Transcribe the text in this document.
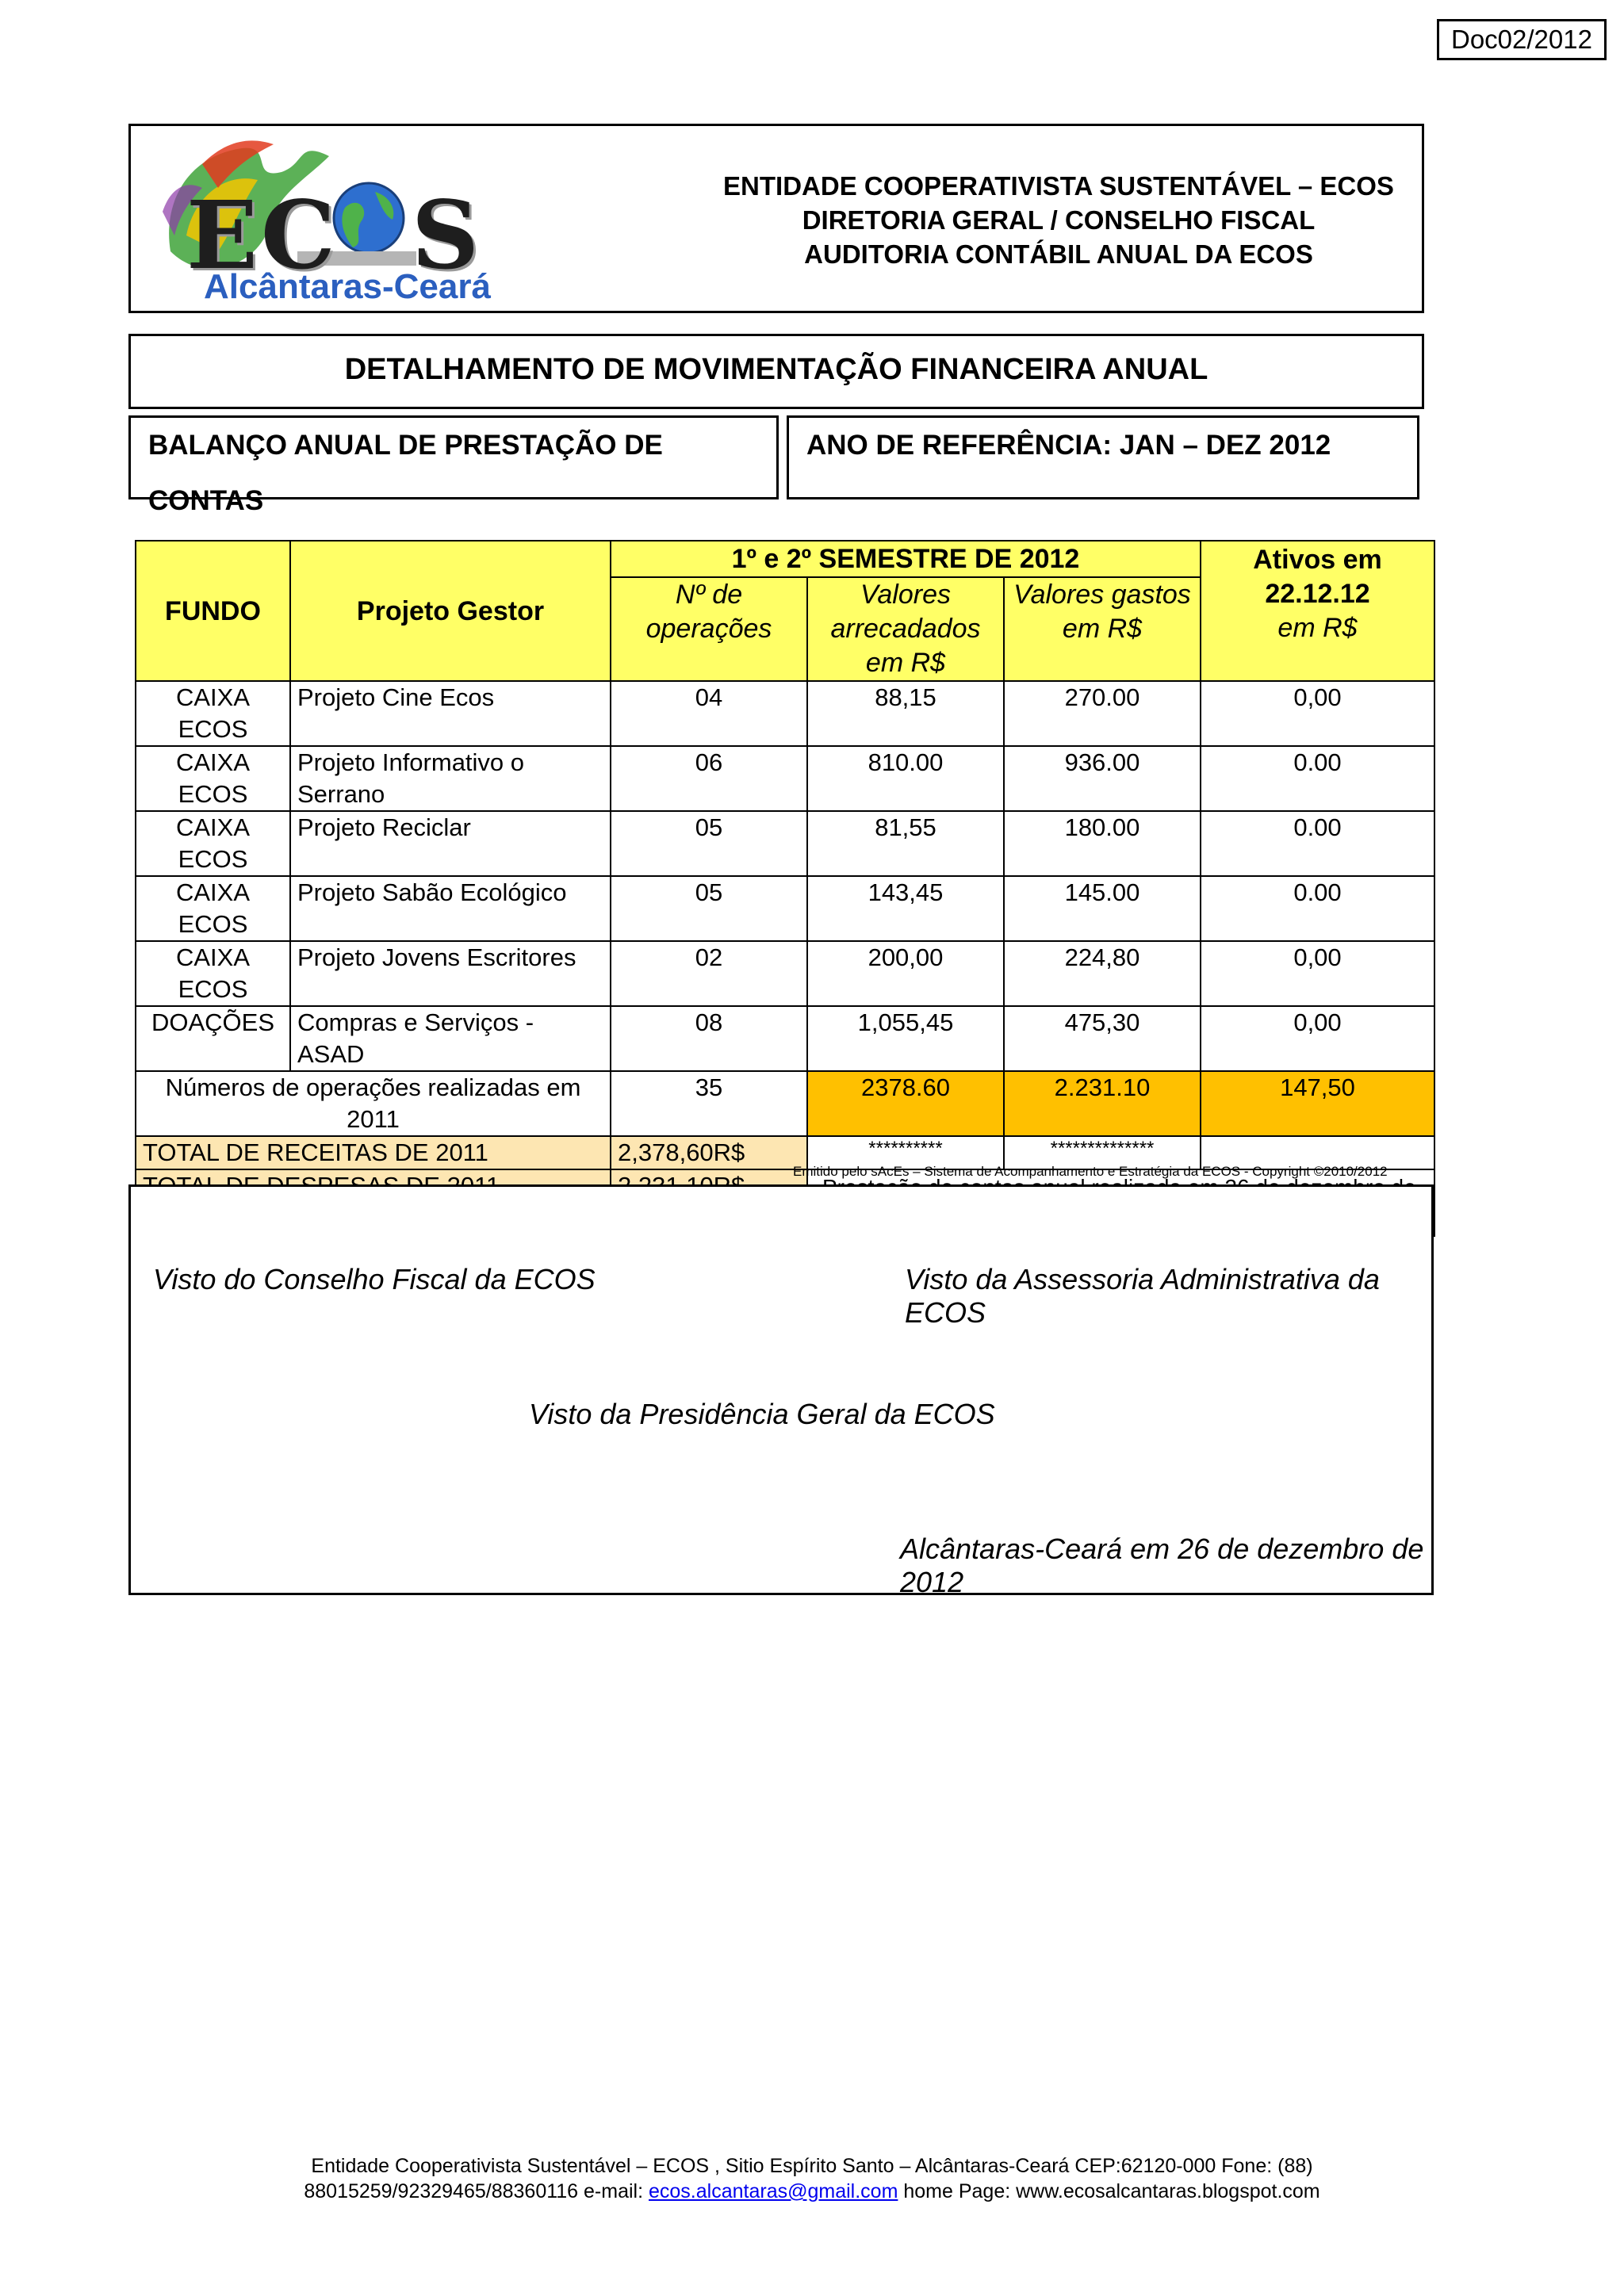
Doc02/2012
EC S
Alcântaras-Ceará
ENTIDADE COOPERATIVISTA SUSTENTÁVEL – ECOS
DIRETORIA GERAL / CONSELHO FISCAL
AUDITORIA CONTÁBIL ANUAL DA ECOS
DETALHAMENTO DE MOVIMENTAÇÃO FINANCEIRA ANUAL
BALANÇO ANUAL DE PRESTAÇÃO DE CONTAS
ANO DE REFERÊNCIA: JAN – DEZ 2012
FUNDO	Projeto Gestor	1º e 2º SEMESTRE DE 2012			Ativos em
22.12.12
em R$

		Nº de operações	Valores arrecadados em R$	Valores gastos em R$	
CAIXA ECOS	Projeto Cine Ecos	04	88,15	270.00	0,00
CAIXA ECOS	Projeto Informativo o Serrano	06	810.00	936.00	0.00
CAIXA ECOS	Projeto Reciclar	05	81,55	180.00	0.00
CAIXA ECOS	Projeto Sabão Ecológico	05	143,45	145.00	0.00
CAIXA ECOS	Projeto Jovens Escritores	02	200,00	224,80	0,00
DOAÇÕES	Compras e Serviços - ASAD	08	1,055,45	475,30	0,00
Números de operações realizadas em 2011		35	2378.60	2.231.10	147,50
TOTAL DE RECEITAS DE 2011		2,378,60R$	**********	**************	

Emitido pelo sAcEs – Sistema de Acompanhamento e Estratégia da ECOS - Copyright ©2010/2012
Visto do Conselho Fiscal da ECOS	Visto da Assessoria Administrativa da ECOS
Visto da Presidência Geral da ECOS
Alcântaras-Ceará em 26 de dezembro de 2012
Entidade Cooperativista Sustentável – ECOS , Sitio Espírito Santo – Alcântaras-Ceará CEP:62120-000 Fone: (88)
88015259/92329465/88360116 e-mail: ecos.alcantaras@gmail.com home Page: www.ecosalcantaras.blogspot.com
